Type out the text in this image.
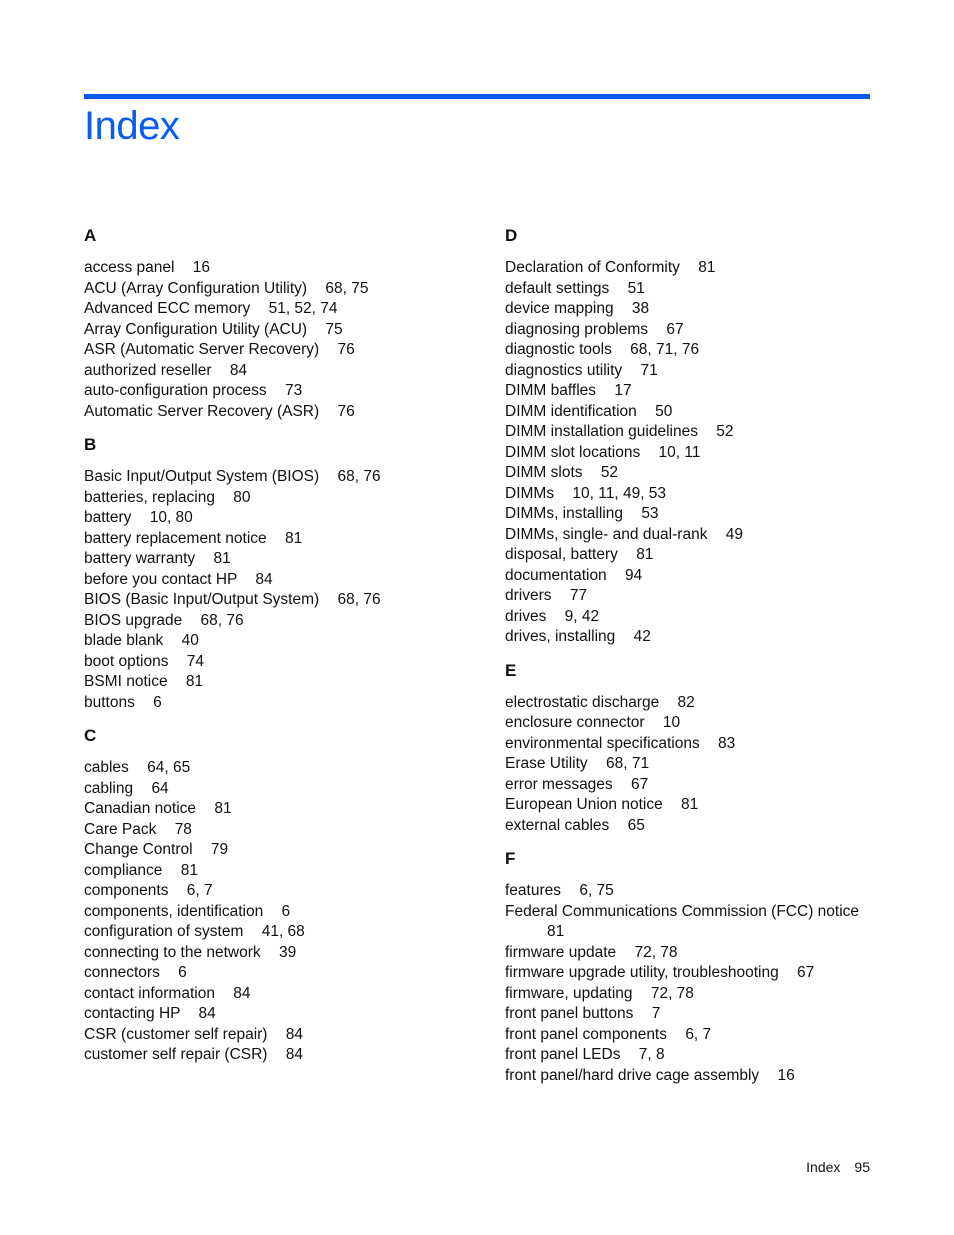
Index
A
access panel 16
ACU (Array Configuration Utility) 68, 75
Advanced ECC memory 51, 52, 74
Array Configuration Utility (ACU) 75
ASR (Automatic Server Recovery) 76
authorized reseller 84
auto-configuration process 73
Automatic Server Recovery (ASR) 76
B
Basic Input/Output System (BIOS) 68, 76
batteries, replacing 80
battery 10, 80
battery replacement notice 81
battery warranty 81
before you contact HP 84
BIOS (Basic Input/Output System) 68, 76
BIOS upgrade 68, 76
blade blank 40
boot options 74
BSMI notice 81
buttons 6
C
cables 64, 65
cabling 64
Canadian notice 81
Care Pack 78
Change Control 79
compliance 81
components 6, 7
components, identification 6
configuration of system 41, 68
connecting to the network 39
connectors 6
contact information 84
contacting HP 84
CSR (customer self repair) 84
customer self repair (CSR) 84
D
Declaration of Conformity 81
default settings 51
device mapping 38
diagnosing problems 67
diagnostic tools 68, 71, 76
diagnostics utility 71
DIMM baffles 17
DIMM identification 50
DIMM installation guidelines 52
DIMM slot locations 10, 11
DIMM slots 52
DIMMs 10, 11, 49, 53
DIMMs, installing 53
DIMMs, single- and dual-rank 49
disposal, battery 81
documentation 94
drivers 77
drives 9, 42
drives, installing 42
E
electrostatic discharge 82
enclosure connector 10
environmental specifications 83
Erase Utility 68, 71
error messages 67
European Union notice 81
external cables 65
F
features 6, 75
Federal Communications Commission (FCC) notice 81
firmware update 72, 78
firmware upgrade utility, troubleshooting 67
firmware, updating 72, 78
front panel buttons 7
front panel components 6, 7
front panel LEDs 7, 8
front panel/hard drive cage assembly 16
Index 95
